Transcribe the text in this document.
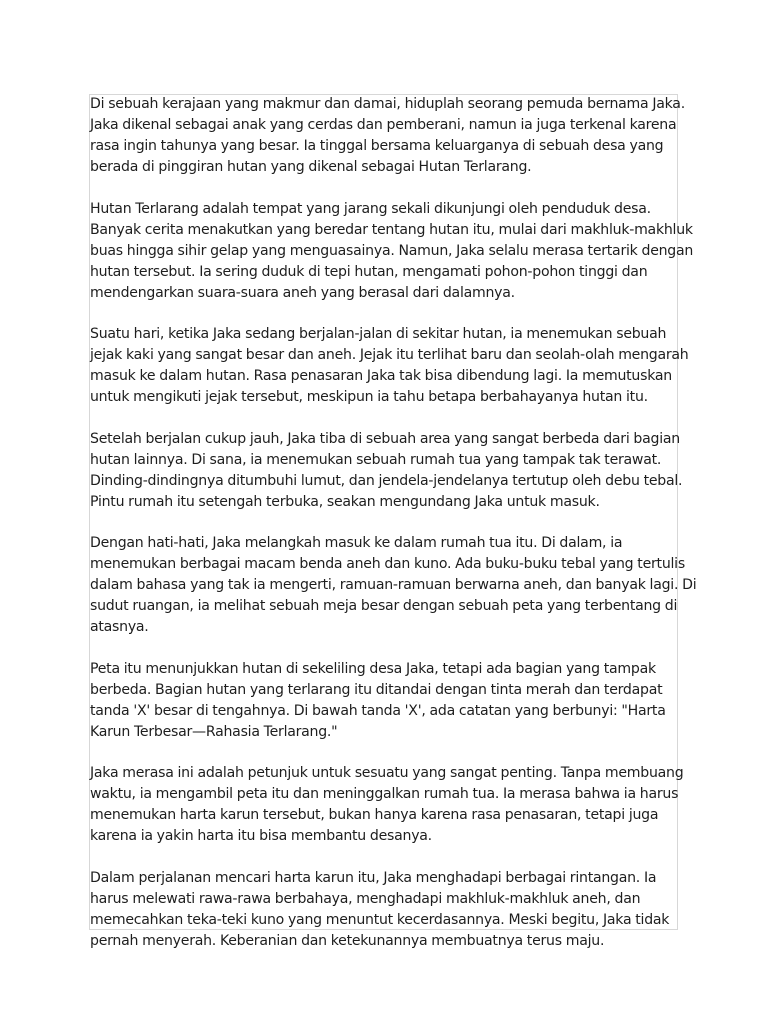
Di sebuah kerajaan yang makmur dan damai, hiduplah seorang pemuda bernama Jaka.
Jaka dikenal sebagai anak yang cerdas dan pemberani, namun ia juga terkenal karena
rasa ingin tahunya yang besar. Ia tinggal bersama keluarganya di sebuah desa yang
berada di pinggiran hutan yang dikenal sebagai Hutan Terlarang.

Hutan Terlarang adalah tempat yang jarang sekali dikunjungi oleh penduduk desa.
Banyak cerita menakutkan yang beredar tentang hutan itu, mulai dari makhluk-makhluk
buas hingga sihir gelap yang menguasainya. Namun, Jaka selalu merasa tertarik dengan
hutan tersebut. Ia sering duduk di tepi hutan, mengamati pohon-pohon tinggi dan
mendengarkan suara-suara aneh yang berasal dari dalamnya.

Suatu hari, ketika Jaka sedang berjalan-jalan di sekitar hutan, ia menemukan sebuah
jejak kaki yang sangat besar dan aneh. Jejak itu terlihat baru dan seolah-olah mengarah
masuk ke dalam hutan. Rasa penasaran Jaka tak bisa dibendung lagi. Ia memutuskan
untuk mengikuti jejak tersebut, meskipun ia tahu betapa berbahayanya hutan itu.

Setelah berjalan cukup jauh, Jaka tiba di sebuah area yang sangat berbeda dari bagian
hutan lainnya. Di sana, ia menemukan sebuah rumah tua yang tampak tak terawat.
Dinding-dindingnya ditumbuhi lumut, dan jendela-jendelanya tertutup oleh debu tebal.
Pintu rumah itu setengah terbuka, seakan mengundang Jaka untuk masuk.

Dengan hati-hati, Jaka melangkah masuk ke dalam rumah tua itu. Di dalam, ia
menemukan berbagai macam benda aneh dan kuno. Ada buku-buku tebal yang tertulis
dalam bahasa yang tak ia mengerti, ramuan-ramuan berwarna aneh, dan banyak lagi. Di
sudut ruangan, ia melihat sebuah meja besar dengan sebuah peta yang terbentang di
atasnya.

Peta itu menunjukkan hutan di sekeliling desa Jaka, tetapi ada bagian yang tampak
berbeda. Bagian hutan yang terlarang itu ditandai dengan tinta merah dan terdapat
tanda 'X' besar di tengahnya. Di bawah tanda 'X', ada catatan yang berbunyi: "Harta
Karun Terbesar—Rahasia Terlarang."

Jaka merasa ini adalah petunjuk untuk sesuatu yang sangat penting. Tanpa membuang
waktu, ia mengambil peta itu dan meninggalkan rumah tua. Ia merasa bahwa ia harus
menemukan harta karun tersebut, bukan hanya karena rasa penasaran, tetapi juga
karena ia yakin harta itu bisa membantu desanya.

Dalam perjalanan mencari harta karun itu, Jaka menghadapi berbagai rintangan. Ia
harus melewati rawa-rawa berbahaya, menghadapi makhluk-makhluk aneh, dan
memecahkan teka-teki kuno yang menuntut kecerdasannya. Meski begitu, Jaka tidak
pernah menyerah. Keberanian dan ketekunannya membuatnya terus maju.
